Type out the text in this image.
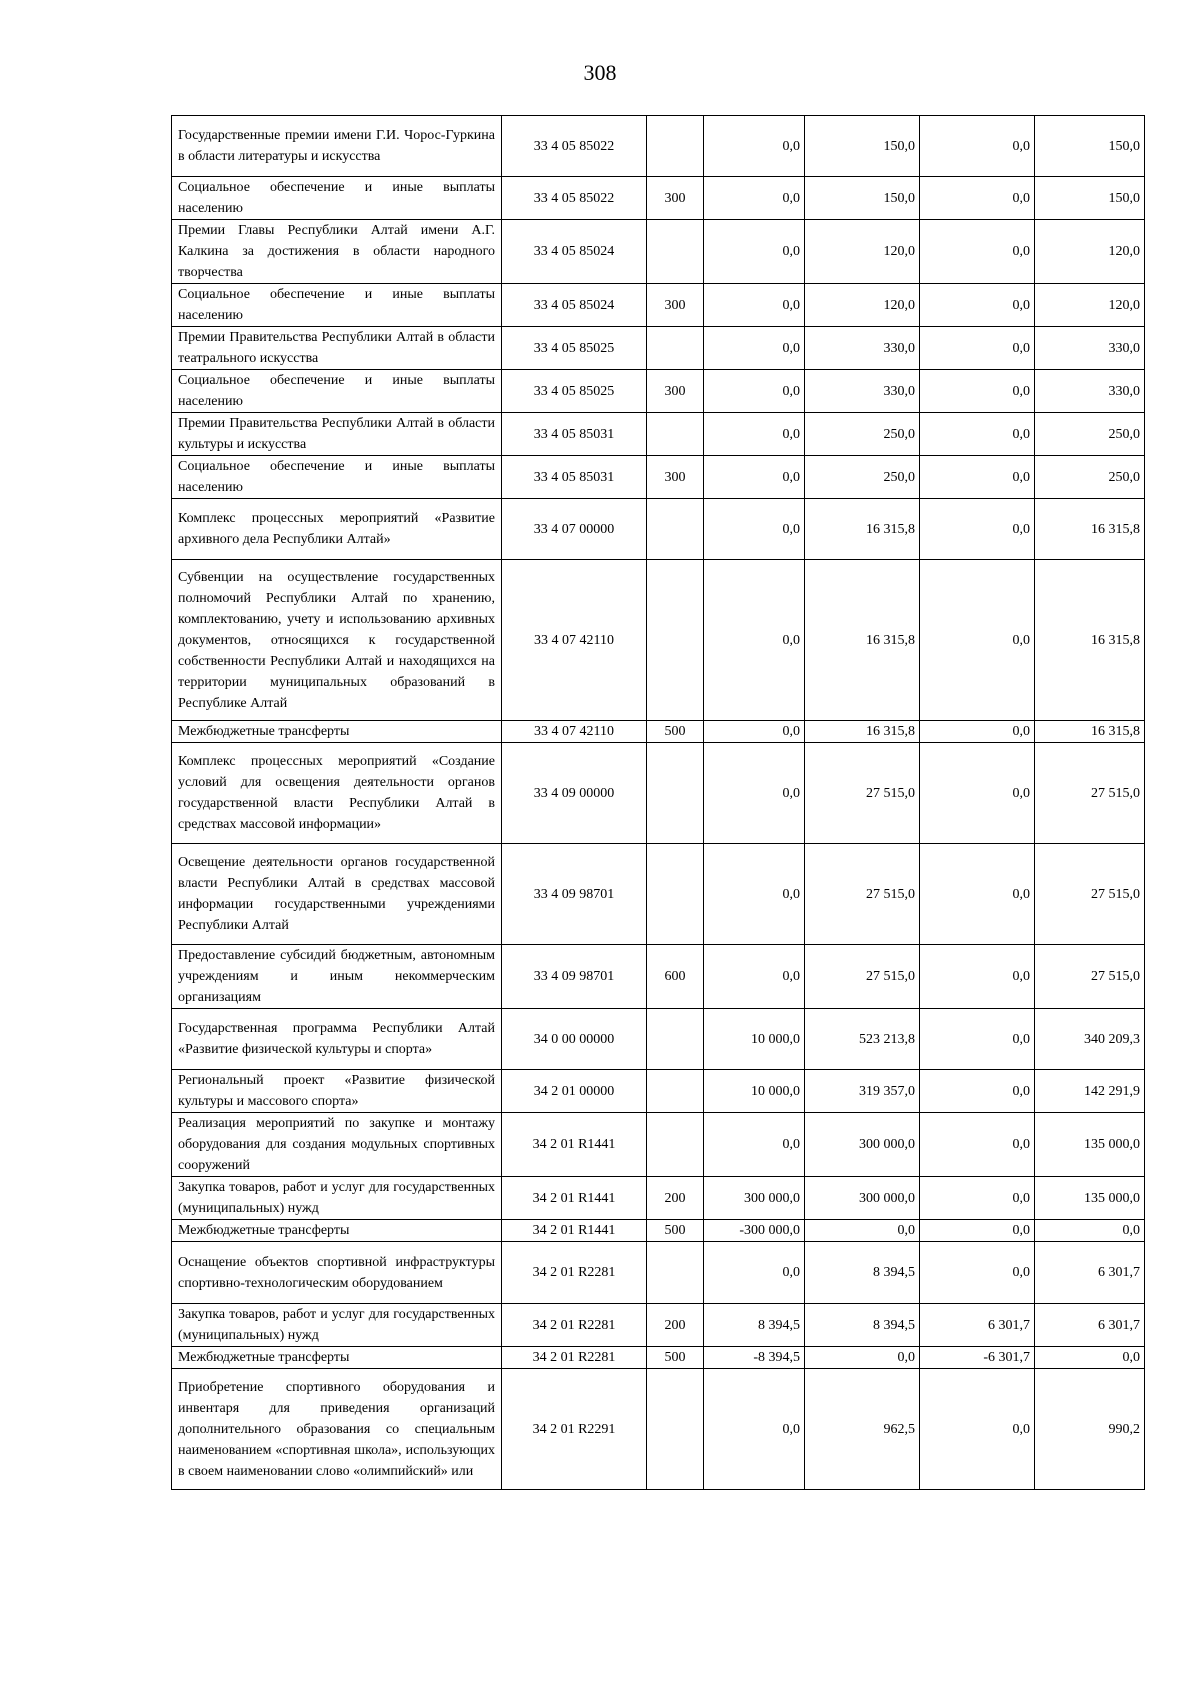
308
Государственные премии имени Г.И. Чорос-Гуркина в области литературы и искусства	33 4 05 85022		0,0	150,0	0,0	150,0
Социальное обеспечение и иные выплаты населению	33 4 05 85022	300	0,0	150,0	0,0	150,0
Премии Главы Республики Алтай имени А.Г. Калкина за достижения в области народного творчества	33 4 05 85024		0,0	120,0	0,0	120,0
Социальное обеспечение и иные выплаты населению	33 4 05 85024	300	0,0	120,0	0,0	120,0
Премии Правительства Республики Алтай в области театрального искусства	33 4 05 85025		0,0	330,0	0,0	330,0
Социальное обеспечение и иные выплаты населению	33 4 05 85025	300	0,0	330,0	0,0	330,0
Премии Правительства Республики Алтай в области культуры и искусства	33 4 05 85031		0,0	250,0	0,0	250,0
Социальное обеспечение и иные выплаты населению	33 4 05 85031	300	0,0	250,0	0,0	250,0
Комплекс процессных мероприятий «Развитие архивного дела Республики Алтай»	33 4 07 00000		0,0	16 315,8	0,0	16 315,8
Субвенции на осуществление государственных полномочий Республики Алтай по хранению, комплектованию, учету и использованию архивных документов, относящихся к государственной собственности Республики Алтай и находящихся на территории муниципальных образований в Республике Алтай	33 4 07 42110		0,0	16 315,8	0,0	16 315,8
Межбюджетные трансферты	33 4 07 42110	500	0,0	16 315,8	0,0	16 315,8
Комплекс процессных мероприятий «Создание условий для освещения деятельности органов государственной власти Республики Алтай в средствах массовой информации»	33 4 09 00000		0,0	27 515,0	0,0	27 515,0
Освещение деятельности органов государственной власти Республики Алтай в средствах массовой информации государственными учреждениями Республики Алтай	33 4 09 98701		0,0	27 515,0	0,0	27 515,0
Предоставление субсидий бюджетным, автономным учреждениям и иным некоммерческим организациям	33 4 09 98701	600	0,0	27 515,0	0,0	27 515,0
Государственная программа Республики Алтай «Развитие физической культуры и спорта»	34 0 00 00000		10 000,0	523 213,8	0,0	340 209,3
Региональный проект «Развитие физической культуры и массового спорта»	34 2 01 00000		10 000,0	319 357,0	0,0	142 291,9
Реализация мероприятий по закупке и монтажу оборудования для создания модульных спортивных сооружений	34 2 01 R1441		0,0	300 000,0	0,0	135 000,0
Закупка товаров, работ и услуг для государственных (муниципальных) нужд	34 2 01 R1441	200	300 000,0	300 000,0	0,0	135 000,0
Межбюджетные трансферты	34 2 01 R1441	500	-300 000,0	0,0	0,0	0,0
Оснащение объектов спортивной инфраструктуры спортивно-технологическим оборудованием	34 2 01 R2281		0,0	8 394,5	0,0	6 301,7
Закупка товаров, работ и услуг для государственных (муниципальных) нужд	34 2 01 R2281	200	8 394,5	8 394,5	6 301,7	6 301,7
Межбюджетные трансферты	34 2 01 R2281	500	-8 394,5	0,0	-6 301,7	0,0
Приобретение спортивного оборудования и инвентаря для приведения организаций дополнительного образования со специальным наименованием «спортивная школа», использующих в своем наименовании слово «олимпийский» или	34 2 01 R2291		0,0	962,5	0,0	990,2
